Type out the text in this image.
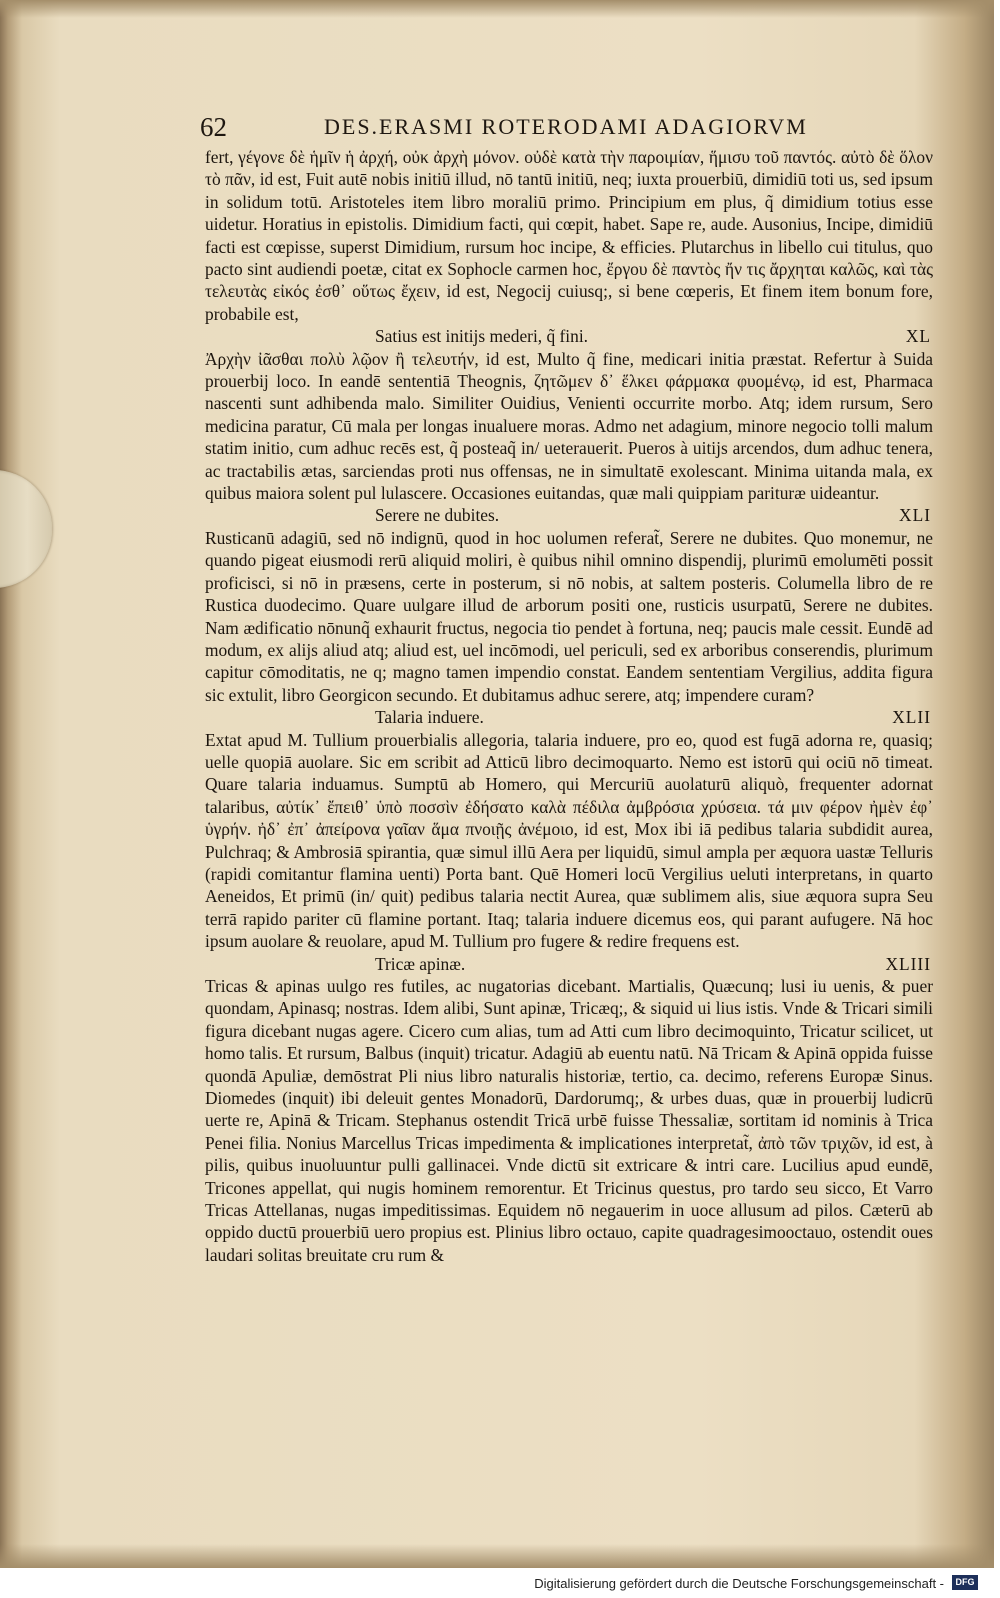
62	DES.ERASMI ROTERODAMI ADAGIORVM

fert, γέγονε δὲ ἡμῖν ἡ ἀρχή, οὐκ ἀρχὴ μόνον. οὐδὲ κατὰ τὴν παροιμίαν, ἥμισυ τοῦ παντός. αὐτὸ δὲ ὅλον τὸ πᾶν, id est, Fuit autē nobis initiū illud, nō tantū initiū, neq; iuxta prouerbiū, dimidiū toti us, sed ipsum in solidum totū. Aristoteles item libro moraliū primo. Principium em plus, q̃ dimidium totius esse uidetur. Horatius in epistolis. Dimidium facti, qui cœpit, habet. Sape re, aude. Ausonius, Incipe, dimidiū facti est cœpisse, superst Dimidium, rursum hoc incipe, & efficies. Plutarchus in libello cui titulus, quo pacto sint audiendi poetæ, citat ex Sophocle carmen hoc, ἔργου δὲ παντὸς ἤν τις ἄρχηται καλῶς, καὶ τὰς τελευτὰς εἰκός ἐσθ᾽ οὕτως ἔχειν, id est, Negocij cuiusq;, si bene cœperis, Et finem item bonum fore, probabile est,

Satius est initijs mederi, q̃ fini.	XL

Ἀρχὴν ἰᾶσθαι πολὺ λῷον ἢ τελευτήν, id est, Multo q̃ fine, medicari initia præstat. Refertur à Suida prouerbij loco. In eandē sententiā Theognis, ζητῶμεν δ᾽ ἕλκει φάρμακα φυομένῳ, id est, Pharmaca nascenti sunt adhibenda malo. Similiter Ouidius, Venienti occurrite morbo. Atq; idem rursum, Sero medicina paratur, Cū mala per longas inualuere moras. Admo net adagium, minore negocio tolli malum statim initio, cum adhuc recēs est, q̃ posteaq̃ in/ ueterauerit. Pueros à uitijs arcendos, dum adhuc tenera, ac tractabilis ætas, sarciendas proti nus offensas, ne in simultatē exolescant. Minima uitanda mala, ex quibus maiora solent pul lulascere. Occasiones euitandas, quæ mali quippiam parituræ uideantur.

Serere ne dubites.	XLI

Rusticanū adagiū, sed nō indignū, quod in hoc uolumen referat̃, Serere ne dubites. Quo monemur, ne quando pigeat eiusmodi rerū aliquid moliri, è quibus nihil omnino dispendij, plurimū emolumēti possit proficisci, si nō in præsens, certe in posterum, si nō nobis, at saltem posteris. Columella libro de re Rustica duodecimo. Quare uulgare illud de arborum positi one, rusticis usurpatū, Serere ne dubites. Nam ædificatio nōnunq̃ exhaurit fructus, negocia tio pendet à fortuna, neq; paucis male cessit. Eundē ad modum, ex alijs aliud atq; aliud est, uel incōmodi, uel periculi, sed ex arboribus conserendis, plurimum capitur cōmoditatis, ne q; magno tamen impendio constat. Eandem sententiam Vergilius, addita figura sic extulit, libro Georgicon secundo. Et dubitamus adhuc serere, atq; impendere curam?

Talaria induere.	XLII

Extat apud M. Tullium prouerbialis allegoria, talaria induere, pro eo, quod est fugā adorna re, quasiq; uelle quopiā auolare. Sic em scribit ad Atticū libro decimoquarto. Nemo est istorū qui ociū nō timeat. Quare talaria induamus. Sumptū ab Homero, qui Mercuriū auolaturū aliquò, frequenter adornat talaribus, αὐτίκ᾽ ἔπειθ᾽ ὑπὸ ποσσὶν ἐδήσατο καλὰ πέδιλα ἀμβρόσια χρύσεια. τά μιν φέρον ἠμὲν ἐφ᾽ ὑγρήν. ἠδ᾽ ἐπ᾽ ἀπείρονα γαῖαν ἅμα πνοιῇς ἀνέμοιο, id est, Mox ibi iā pedibus talaria subdidit aurea, Pulchraq; & Ambrosiā spirantia, quæ simul illū Aera per liquidū, simul ampla per æquora uastæ Telluris (rapidi comitantur flamina uenti) Porta bant. Quē Homeri locū Vergilius ueluti interpretans, in quarto Aeneidos, Et primū (in/ quit) pedibus talaria nectit Aurea, quæ sublimem alis, siue æquora supra Seu terrā rapido pariter cū flamine portant. Itaq; talaria induere dicemus eos, qui parant aufugere. Nā hoc ipsum auolare & reuolare, apud M. Tullium pro fugere & redire frequens est.

Tricæ apinæ.	XLIII

Tricas & apinas uulgo res futiles, ac nugatorias dicebant. Martialis, Quæcunq; lusi iu uenis, & puer quondam, Apinasq; nostras. Idem alibi, Sunt apinæ, Tricæq;, & siquid ui lius istis. Vnde & Tricari simili figura dicebant nugas agere. Cicero cum alias, tum ad Atti cum libro decimoquinto, Tricatur scilicet, ut homo talis. Et rursum, Balbus (inquit) tricatur. Adagiū ab euentu natū. Nā Tricam & Apinā oppida fuisse quondā Apuliæ, demōstrat Pli nius libro naturalis historiæ, tertio, ca. decimo, referens Europæ Sinus. Diomedes (inquit) ibi deleuit gentes Monadorū, Dardorumq;, & urbes duas, quæ in prouerbij ludicrū uerte re, Apinā & Tricam. Stephanus ostendit Tricā urbē fuisse Thessaliæ, sortitam id nominis à Trica Penei filia. Nonius Marcellus Tricas impedimenta & implicationes interpretat̃, ἀπὸ τῶν τριχῶν, id est, à pilis, quibus inuoluuntur pulli gallinacei. Vnde dictū sit extricare & intri care. Lucilius apud eundē, Tricones appellat, qui nugis hominem remorentur. Et Tricinus questus, pro tardo seu sicco, Et Varro Tricas Attellanas, nugas impeditissimas. Equidem nō negauerim in uoce allusum ad pilos. Cæterū ab oppido ductū prouerbiū uero propius est. Plinius libro octauo, capite quadragesimooctauo, ostendit oues laudari solitas breuitate cru rum &

Digitalisierung gefördert durch die Deutsche Forschungsgemeinschaft -	DFG
